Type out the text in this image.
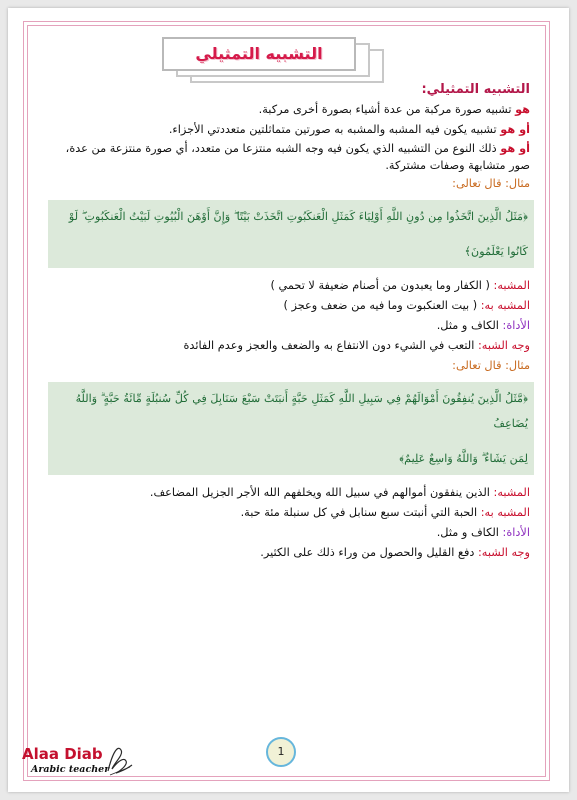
التشبيه التمثيلي

التشبيه التمثيلي:

هو تشبيه صورة مركبة من عدة أشياء بصورة أخرى مركبة.

أو هو تشبيه يكون فيه المشبه والمشبه به صورتين متماثلتين متعددتي الأجزاء.

أو هو ذلك النوع من التشبيه الذي يكون فيه وجه الشبه منتزعا من متعدد، أي صورة منتزعة من عدة، صور متشابهة وصفات مشتركة.

مثال: قال تعالى:

﴿مَثَلُ الَّذِينَ اتَّخَذُوا مِن دُونِ اللَّهِ أَوْلِيَاءَ كَمَثَلِ الْعَنكَبُوتِ اتَّخَذَتْ بَيْتًا ۖ وَإِنَّ أَوْهَنَ الْبُيُوتِ لَبَيْتُ الْعَنكَبُوتِ ۖ لَوْ
كَانُوا يَعْلَمُونَ﴾

المشبه: ( الكفار وما يعبدون من أصنام ضعيفة لا تحمي )

المشبه به: ( بيت العنكبوت وما فيه من ضعف وعجز )

الأداة: الكاف و مثل.

وجه الشبه: التعب في الشيء دون الانتفاع به والضعف والعجز وعدم الفائدة

مثال: قال تعالى:

﴿مَّثَلُ الَّذِينَ يُنفِقُونَ أَمْوَالَهُمْ فِي سَبِيلِ اللَّهِ كَمَثَلِ حَبَّةٍ أَنبَتَتْ سَبْعَ سَنَابِلَ فِي كُلِّ سُنبُلَةٍ مِّائَةُ حَبَّةٍ ۗ وَاللَّهُ يُضَاعِفُ
لِمَن يَشَاءُ ۗ وَاللَّهُ وَاسِعٌ عَلِيمٌ﴾

المشبه: الذين ينفقون أموالهم في سبيل الله ويخلفهم الله الأجر الجزيل المضاعف.

المشبه به: الحبة التي أنبتت سبع سنابل في كل سنبلة مئة حبة.

الأداة: الكاف و مثل.

وجه الشبه: دفع القليل والحصول من وراء ذلك على الكثير.

Alaa Diab
Arabic teacher
1
